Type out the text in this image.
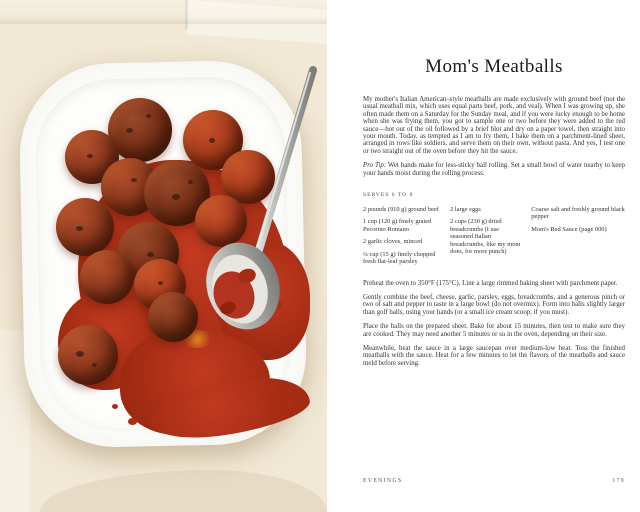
Mom's Meatballs

My mother's Italian American–style meatballs are made exclusively with ground beef (not the usual meatball mix, which uses equal parts beef, pork, and veal). When I was growing up, she often made them on a Saturday for the Sunday meal, and if you were lucky enough to be home when she was frying them, you got to sample one or two before they were added to the red sauce—hot out of the oil followed by a brief blot and dry on a paper towel, then straight into your mouth. Today, as tempted as I am to fry them, I bake them on a parchment-lined sheet, arranged in rows like soldiers, and serve them on their own, without pasta. And yes, I test one or two straight out of the oven before they hit the sauce.

Pro Tip: Wet hands make for less-sticky ball rolling. Set a small bowl of water nearby to keep your hands moist during the rolling process.

SERVES 6 TO 8

2 pounds (910 g) ground beef

1 cup (120 g) finely grated Pecorino Romano

2 garlic cloves, minced

¼ cup (15 g) finely chopped fresh flat-leaf parsley

2 large eggs

2 cups (230 g) dried breadcrumbs (I use seasoned Italian breadcrumbs, like my mom does, for more punch)

Coarse salt and freshly ground black pepper

Mom's Red Sauce (page 000)

Preheat the oven to 350°F (175°C). Line a large rimmed baking sheet with parchment paper.

Gently combine the beef, cheese, garlic, parsley, eggs, breadcrumbs, and a generous pinch or two of salt and pepper to taste in a large bowl (do not overmix). Form into balls slightly larger than golf balls, using your hands (or a small ice cream scoop, if you must).

Place the balls on the prepared sheet. Bake for about 15 minutes, then test to make sure they are cooked. They may need another 5 minutes or so in the oven, depending on their size.

Meanwhile, heat the sauce in a large saucepan over medium-low heat. Toss the finished meatballs with the sauce. Heat for a few minutes to let the flavors of the meatballs and sauce meld before serving.

EVENINGS	179
